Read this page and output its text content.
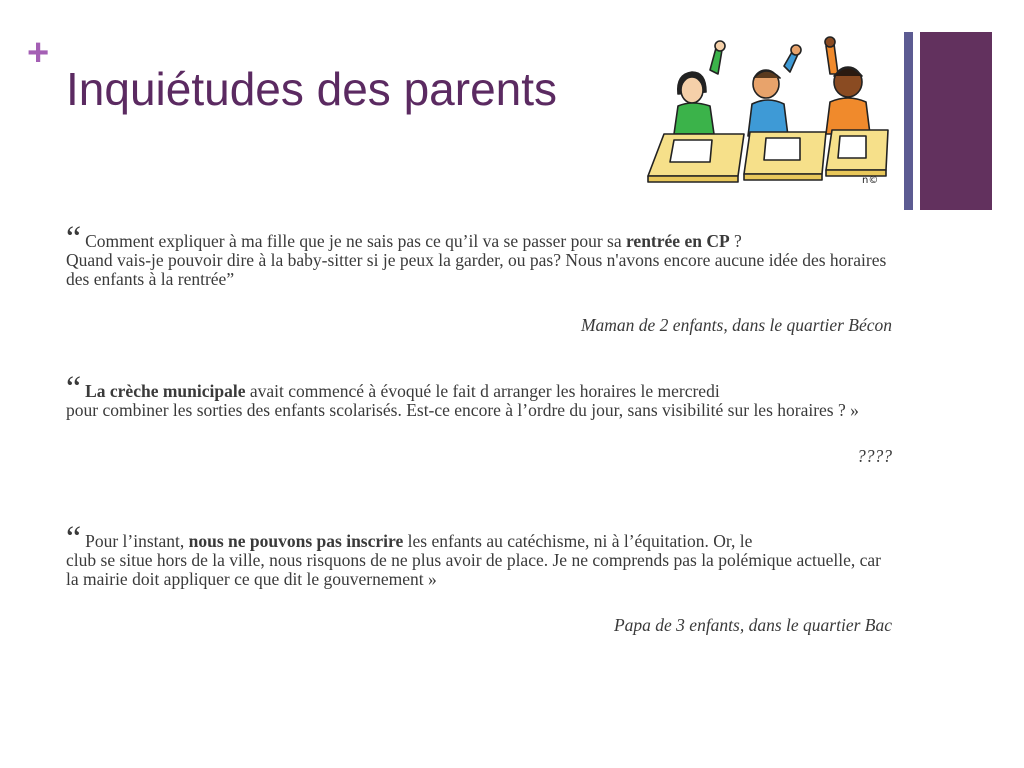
+
Inquiétudes des parents
n©

“ Comment expliquer à ma fille que je ne sais pas ce qu’il va se passer pour sa rentrée en CP ?
Quand vais-je pouvoir dire à la baby-sitter si je peux la garder, ou pas? Nous n'avons encore aucune idée des horaires des enfants à la rentrée”

Maman de 2 enfants, dans le quartier Bécon

“ La crèche municipale avait commencé à évoqué le fait d arranger les horaires le mercredi
pour combiner les sorties des enfants scolarisés. Est-ce encore à l’ordre du jour, sans visibilité sur les horaires ? »

????

“ Pour l’instant, nous ne pouvons pas inscrire les enfants au catéchisme, ni à l’équitation. Or, le
club se situe hors de la ville, nous risquons de ne plus avoir de place. Je ne comprends pas la polémique actuelle, car la mairie doit appliquer ce que dit le gouvernement »

Papa de 3 enfants, dans le quartier Bac
